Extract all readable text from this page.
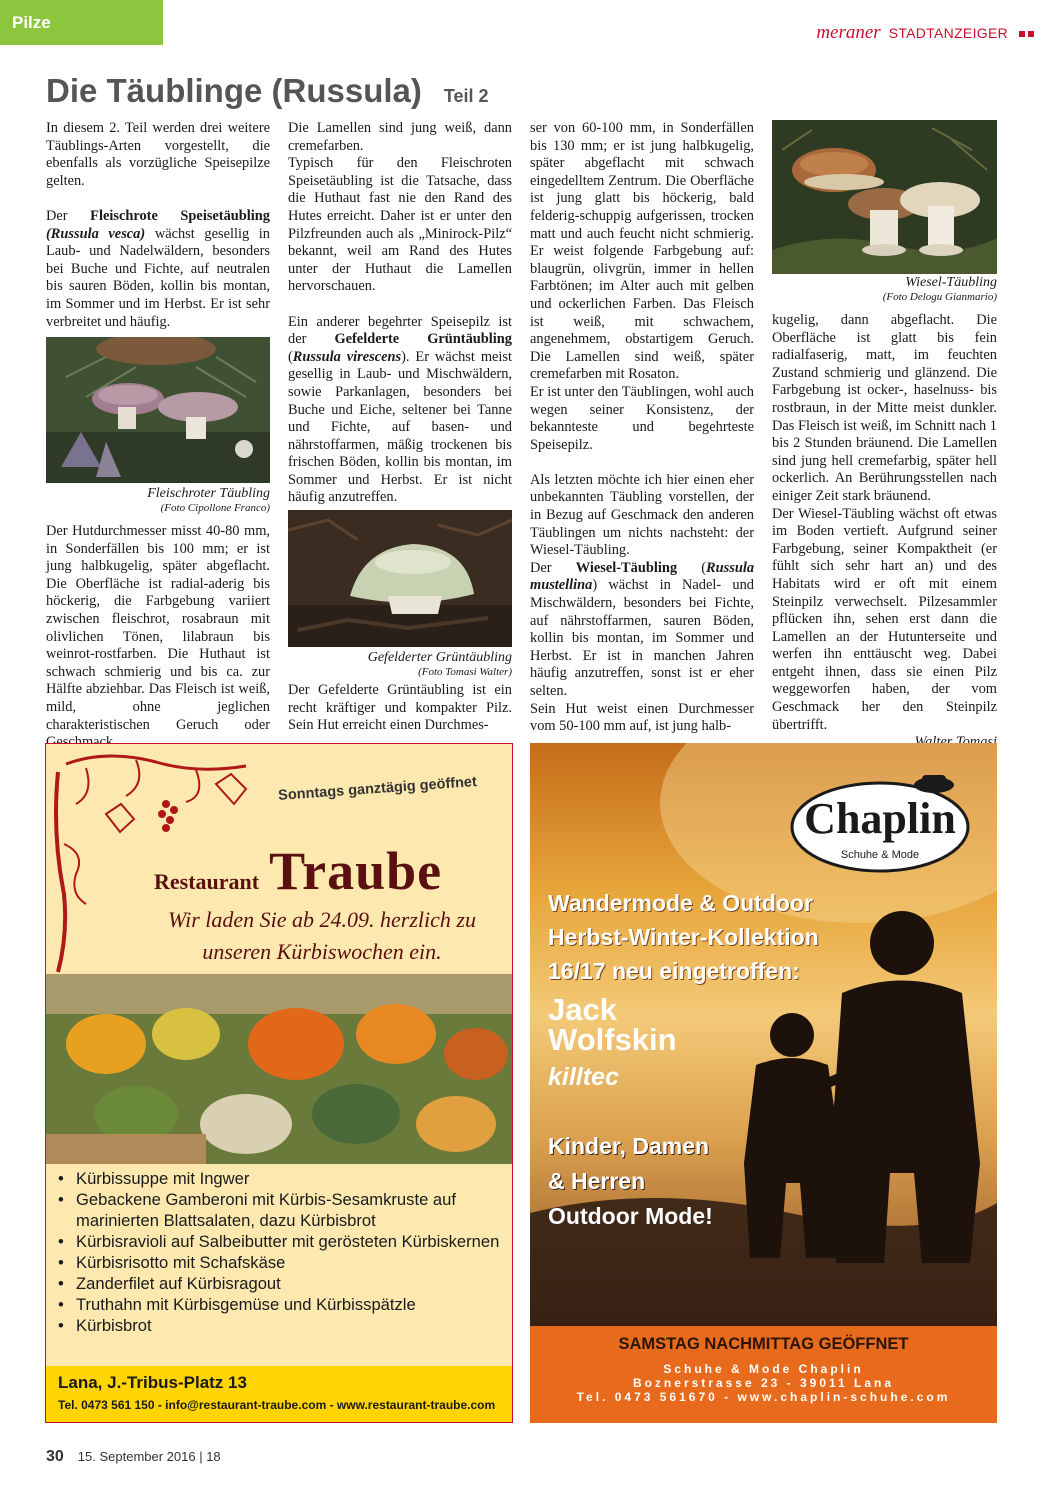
Pilze	meraner STADTANZEIGER
Die Täublinge (Russula) Teil 2

In diesem 2. Teil werden drei weitere Täublings-Arten vorgestellt, die ebenfalls als vorzügliche Speisepilze gelten.

Der Fleischrote Speisetäubling (Russula vesca) wächst gesellig in Laub- und Nadelwäldern, besonders bei Buche und Fichte, auf neutralen bis sauren Böden, kollin bis montan, im Sommer und im Herbst. Er ist sehr verbreitet und häufig.

Fleischroter Täubling
(Foto Cipollone Franco)

Der Hutdurchmesser misst 40-80 mm, in Sonderfällen bis 100 mm; er ist jung halbkugelig, später abgeflacht. Die Oberfläche ist radial-aderig bis höckerig, die Farbgebung variiert zwischen fleischrot, rosabraun mit olivlichen Tönen, lilabraun bis weinrot-rostfarben. Die Huthaut ist schwach schmierig und bis ca. zur Hälfte abziehbar. Das Fleisch ist weiß, mild, ohne jeglichen charakteristischen Geruch oder

Die Lamellen sind jung weiß, dann cremefarben.

Typisch für den Fleischroten Speisetäubling ist die Tatsache, dass die Huthaut fast nie den Rand des Hutes erreicht. Daher ist er unter den Pilzfreunden auch als „Minirock-Pilz“ bekannt, weil am Rand des Hutes unter der Huthaut die Lamellen hervorschauen.

Ein anderer begehrter Speisepilz ist der Gefelderte Grüntäubling (Russula virescens). Er wächst meist gesellig in Laub- und Mischwäldern, sowie Parkanlagen, besonders bei Buche und Eiche, seltener bei Tanne und Fichte, auf basen- und nährstoffarmen, mäßig trockenen bis frischen Böden, kollin bis montan, im Sommer und Herbst. Er ist nicht häufig anzutreffen.

Gefelderter Grüntäubling
(Foto Tomasi Walter)

Der Gefelderte Grüntäubling ist ein recht kräftiger und kompakter Pilz. Sein Hut erreicht einen Durchmes-

ser von 60-100 mm, in Sonderfällen bis 130 mm; er ist jung halbkugelig, später abgeflacht mit schwach eingedelltem Zentrum. Die Oberfläche ist jung glatt bis höckerig, bald felderig-schuppig aufgerissen, trocken matt und auch feucht nicht schmierig. Er weist folgende Farbgebung auf: blaugrün, olivgrün, immer in hellen Farbtönen; im Alter auch mit gelben und ockerlichen Farben. Das Fleisch ist weiß, mit schwachem, angenehmem, obstartigem Geruch. Die Lamellen sind weiß, später cremefarben mit Rosaton.

Er ist unter den Täublingen, wohl auch wegen seiner Konsistenz, der bekannteste und begehrteste Speisepilz.

Als letzten möchte ich hier einen eher unbekannten Täubling vorstellen, der in Bezug auf Geschmack den anderen Täublingen um nichts nachsteht: der Wiesel-Täubling.

Der Wiesel-Täubling (Russula mustellina) wächst in Nadel- und Mischwäldern, besonders bei Fichte, auf nährstoffarmen, sauren Böden, kollin bis montan, im Sommer und Herbst. Er ist in manchen Jahren häufig anzutreffen, sonst ist er eher selten.

Sein Hut weist einen Durchmesser vom 50-100 mm auf, ist jung halb-

Wiesel-Täubling
(Foto Delogu Gianmario)

kugelig, dann abgeflacht. Die Oberfläche ist glatt bis fein radialfaserig, matt, im feuchten Zustand schmierig und glänzend. Die Farbgebung ist ocker-, haselnuss- bis rostbraun, in der Mitte meist dunkler. Das Fleisch ist weiß, im Schnitt nach 1 bis 2 Stunden bräunend. Die Lamellen sind jung hell cremefarbig, später hell ockerlich. An Berührungsstellen nach einiger Zeit stark bräunend.

Der Wiesel-Täubling wächst oft etwas im Boden vertieft. Aufgrund seiner Farbgebung, seiner Kompaktheit (er fühlt sich sehr hart an) und des Habitats wird er oft mit einem Steinpilz verwechselt. Pilzesammler pflücken ihn, sehen erst dann die Lamellen an der Hutunterseite und werfen ihn enttäuscht weg. Dabei entgeht ihnen, dass sie einen Pilz weggeworfen haben, der vom Geschmack her den Steinpilz übertrifft.

Sonntags ganztägig geöffnet
Restaurant Traube
Wir laden Sie ab 24.09. herzlich zu unseren Kürbiswochen ein.
• Kürbissuppe mit Ingwer
• Gebackene Gamberoni mit Kürbis-Sesamkruste auf marinierten Blattsalaten, dazu Kürbisbrot
• Kürbisravioli auf Salbeibutter mit gerösteten Kürbiskernen
• Kürbisrisotto mit Schafskäse
• Zanderfilet auf Kürbisragout
• Truthahn mit Kürbisgemüse und Kürbisspätzle
• Kürbisbrot
Lana, J.-Tribus-Platz 13
Tel. 0473 561 150 - info@restaurant-traube.com - www.restaurant-traube.com
Chaplin
Schuhe & Mode
Wandermode & Outdoor
Herbst-Winter-Kollektion
16/17 neu eingetroffen:
Jack
Wolfskin
killtec
Kinder, Damen
& Herren
Outdoor Mode!
SAMSTAG NACHMITTAG GEÖFFNET
Schuhe & Mode Chaplin
Boznerstrasse 23 - 39011 Lana
Tel. 0473 561670 - www.chaplin-schuhe.com
30 15. September 2016 | 18
